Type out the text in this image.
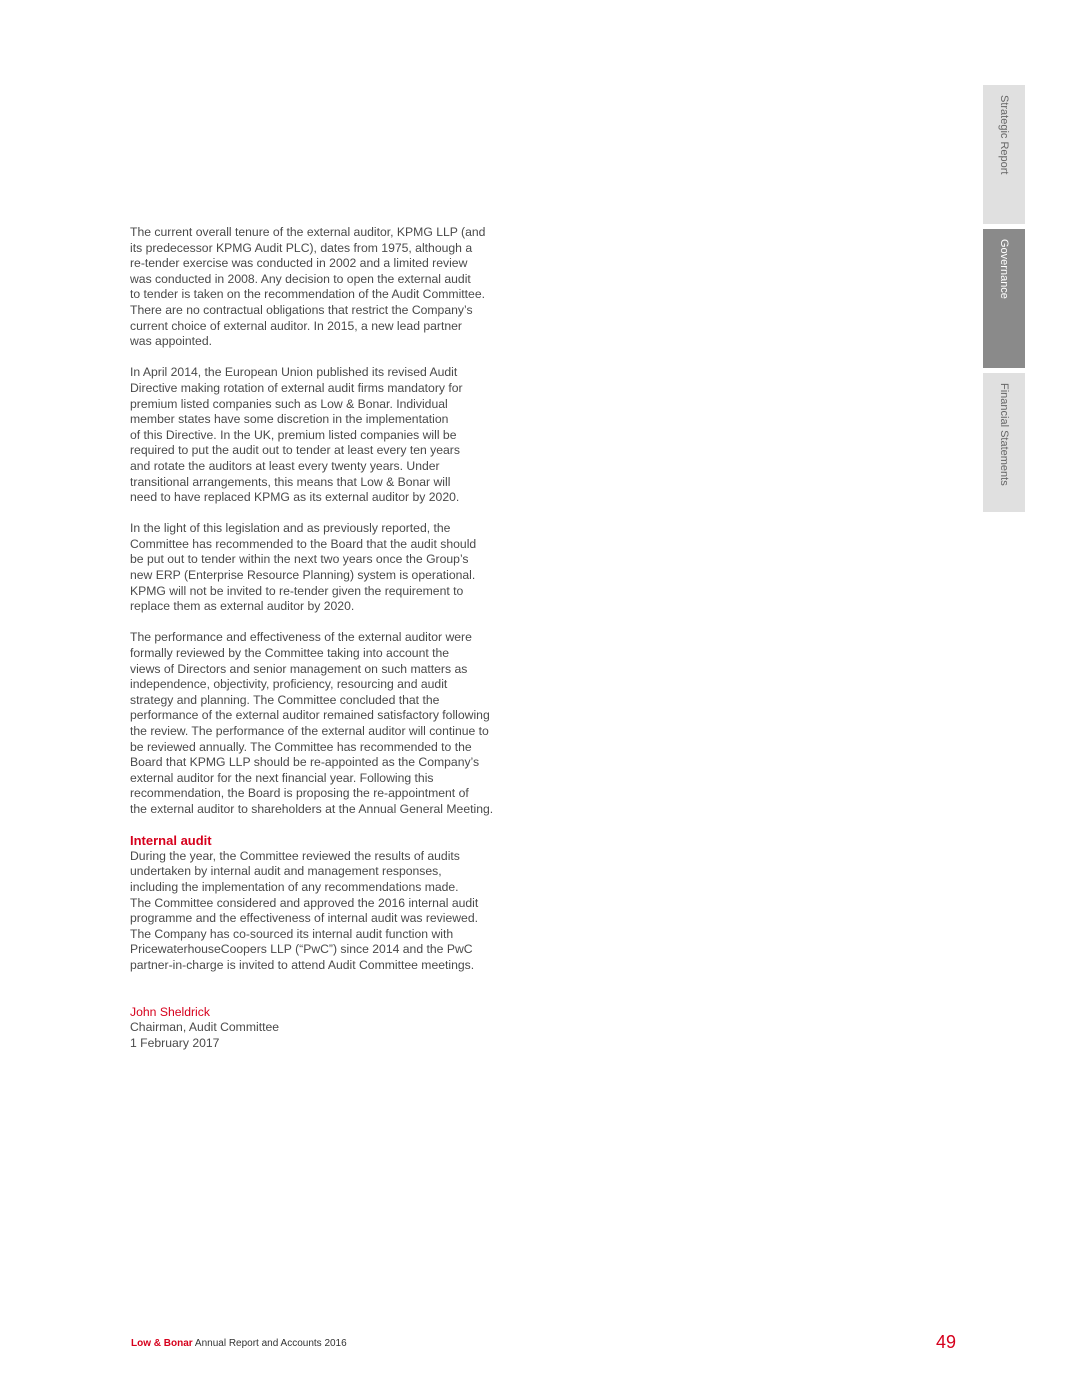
Strategic Report
Governance
Financial Statements
The current overall tenure of the external auditor, KPMG LLP (and
its predecessor KPMG Audit PLC), dates from 1975, although a
re-tender exercise was conducted in 2002 and a limited review
was conducted in 2008. Any decision to open the external audit
to tender is taken on the recommendation of the Audit Committee.
There are no contractual obligations that restrict the Company’s
current choice of external auditor. In 2015, a new lead partner
was appointed.
In April 2014, the European Union published its revised Audit
Directive making rotation of external audit firms mandatory for
premium listed companies such as Low & Bonar. Individual
member states have some discretion in the implementation
of this Directive. In the UK, premium listed companies will be
required to put the audit out to tender at least every ten years
and rotate the auditors at least every twenty years. Under
transitional arrangements, this means that Low & Bonar will
need to have replaced KPMG as its external auditor by 2020.
In the light of this legislation and as previously reported, the
Committee has recommended to the Board that the audit should
be put out to tender within the next two years once the Group’s
new ERP (Enterprise Resource Planning) system is operational.
KPMG will not be invited to re-tender given the requirement to
replace them as external auditor by 2020.
The performance and effectiveness of the external auditor were
formally reviewed by the Committee taking into account the
views of Directors and senior management on such matters as
independence, objectivity, proficiency, resourcing and audit
strategy and planning. The Committee concluded that the
performance of the external auditor remained satisfactory following
the review. The performance of the external auditor will continue to
be reviewed annually. The Committee has recommended to the
Board that KPMG LLP should be re-appointed as the Company’s
external auditor for the next financial year. Following this
recommendation, the Board is proposing the re-appointment of
the external auditor to shareholders at the Annual General Meeting.
Internal audit
During the year, the Committee reviewed the results of audits
undertaken by internal audit and management responses,
including the implementation of any recommendations made.
The Committee considered and approved the 2016 internal audit
programme and the effectiveness of internal audit was reviewed.
The Company has co-sourced its internal audit function with
PricewaterhouseCoopers LLP (“PwC”) since 2014 and the PwC
partner-in-charge is invited to attend Audit Committee meetings.
John Sheldrick
Chairman, Audit Committee
1 February 2017
Low & Bonar Annual Report and Accounts 2016	49
